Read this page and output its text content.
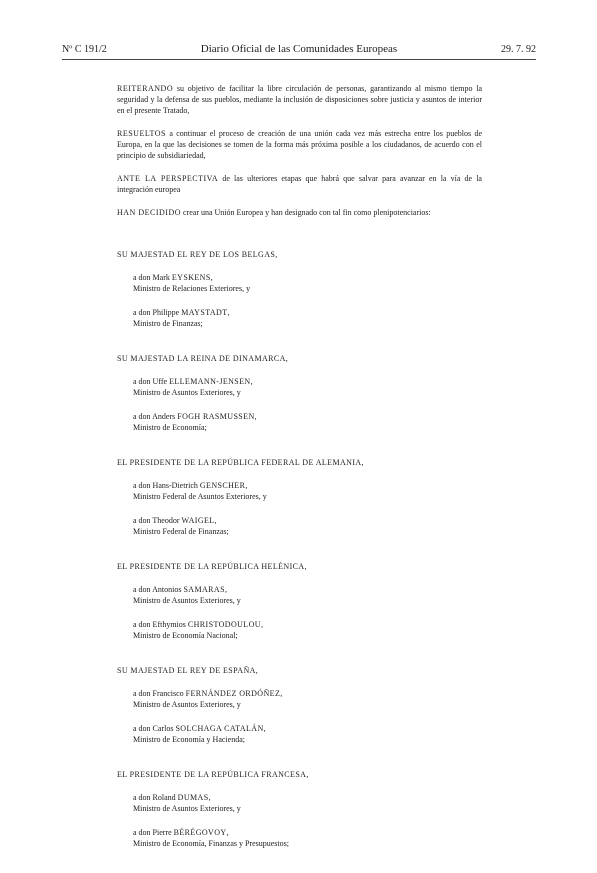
Nº C 191/2	Diario Oficial de las Comunidades Europeas	29. 7. 92

REITERANDO su objetivo de facilitar la libre circulación de personas, garantizando al mismo tiempo la seguridad y la defensa de sus pueblos, mediante la inclusión de disposiciones sobre justicia y asuntos de interior en el presente Tratado,

RESUELTOS a continuar el proceso de creación de una unión cada vez más estrecha entre los pueblos de Europa, en la que las decisiones se tomen de la forma más próxima posible a los ciudadanos, de acuerdo con el principio de subsidiariedad,

ANTE LA PERSPECTIVA de las ulteriores etapas que habrá que salvar para avanzar en la vía de la integración europea

HAN DECIDIDO crear una Unión Europea y han designado con tal fin como plenipotenciarios:

SU MAJESTAD EL REY DE LOS BELGAS,
a don Mark EYSKENS,
Ministro de Relaciones Exteriores, y
a don Philippe MAYSTADT,
Ministro de Finanzas;
SU MAJESTAD LA REINA DE DINAMARCA,
a don Uffe ELLEMANN-JENSEN,
Ministro de Asuntos Exteriores, y
a don Anders FOGH RASMUSSEN,
Ministro de Economía;
EL PRESIDENTE DE LA REPÚBLICA FEDERAL DE ALEMANIA,
a don Hans-Dietrich GENSCHER,
Ministro Federal de Asuntos Exteriores, y
a don Theodor WAIGEL,
Ministro Federal de Finanzas;
EL PRESIDENTE DE LA REPÚBLICA HELÉNICA,
a don Antonios SAMARAS,
Ministro de Asuntos Exteriores, y
a don Efthymios CHRISTODOULOU,
Ministro de Economía Nacional;
SU MAJESTAD EL REY DE ESPAÑA,
a don Francisco FERNÁNDEZ ORDÓÑEZ,
Ministro de Asuntos Exteriores, y
a don Carlos SOLCHAGA CATALÁN,
Ministro de Economía y Hacienda;
EL PRESIDENTE DE LA REPÚBLICA FRANCESA,
a don Roland DUMAS,
Ministro de Asuntos Exteriores, y
a don Pierre BÉRÉGOVOY,
Ministro de Economía, Finanzas y Presupuestos;
